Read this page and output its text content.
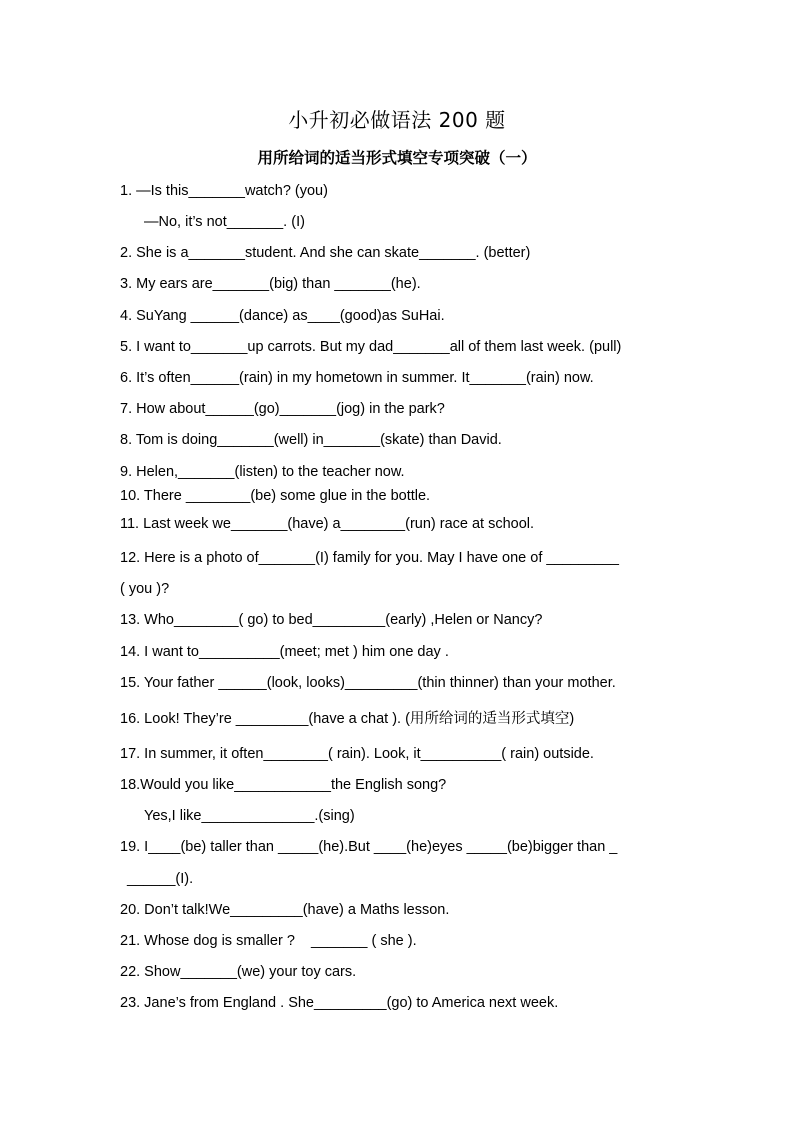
小升初必做语法 200 题
用所给词的适当形式填空专项突破（一）
1. —Is this_______watch? (you)
—No, it’s not_______. (I)
2. She is a_______student. And she can skate_______. (better)
3. My ears are_______(big) than _______(he).
4. SuYang ______(dance) as____(good)as SuHai.
5. I want to_______up carrots. But my dad_______all of them last week. (pull)
6. It’s often______(rain) in my hometown in summer. It_______(rain) now.
7. How about______(go)_______(jog) in the park?
8. Tom is doing_______(well) in_______(skate) than David.
9. Helen,_______(listen) to the teacher now.
10. There ________(be) some glue in the bottle.
11. Last week we_______(have) a________(run) race at school.
12. Here is a photo of_______(I) family for you. May I have one of _________
( you )?
13. Who________( go) to bed_________(early) ,Helen or Nancy?
14. I want to__________(meet; met ) him one day .
15. Your father ______(look, looks)_________(thin thinner) than your mother.
16. Look! They’re _________(have a chat ). (用所给词的适当形式填空)
17. In summer, it often________( rain). Look, it__________( rain) outside.
18.Would you like____________the English song?
Yes,I like______________.(sing)
19. I____(be) taller than _____(he).But ____(he)eyes _____(be)bigger than _
______(I).
20. Don’t talk!We_________(have) a Maths lesson.
21. Whose dog is smaller ?    _______ ( she ).
22. Show_______(we) your toy cars.
23. Jane’s from England . She_________(go) to America next week.
